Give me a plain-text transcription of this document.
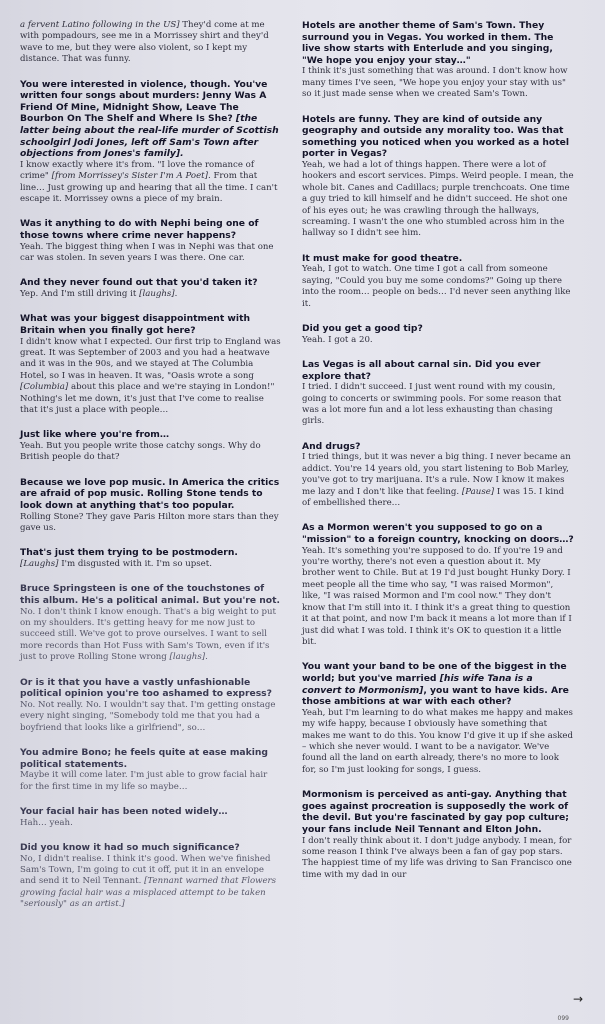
a fervent Latino following in the US] They'd come at me with pompadours, see me in a Morrissey shirt and they'd wave to me, but they were also violent, so I kept my distance. That was funny.

You were interested in violence, though. You've written four songs about murders: Jenny Was A Friend Of Mine, Midnight Show, Leave The Bourbon On The Shelf and Where Is She? [the latter being about the real-life murder of Scottish schoolgirl Jodi Jones, left off Sam's Town after objections from Jones's family].

I know exactly where it's from. "I love the romance of crime" [from Morrissey's Sister I'm A Poet]. From that line… Just growing up and hearing that all the time. I can't escape it. Morrissey owns a piece of my brain.

Was it anything to do with Nephi being one of those towns where crime never happens?

Yeah. The biggest thing when I was in Nephi was that one car was stolen. In seven years I was there. One car.

And they never found out that you'd taken it?

Yep. And I'm still driving it [laughs].

What was your biggest disappointment with Britain when you finally got here?

I didn't know what I expected. Our first trip to England was great. It was September of 2003 and you had a heatwave and it was in the 90s, and we stayed at The Columbia Hotel, so I was in heaven. It was, "Oasis wrote a song [Columbia] about this place and we're staying in London!" Nothing's let me down, it's just that I've come to realise that it's just a place with people…

Just like where you're from…

Yeah. But you people write those catchy songs. Why do British people do that?

Because we love pop music. In America the critics are afraid of pop music. Rolling Stone tends to look down at anything that's too popular.

Rolling Stone? They gave Paris Hilton more stars than they gave us.

That's just them trying to be postmodern.

[Laughs] I'm disgusted with it. I'm so upset.

Bruce Springsteen is one of the touchstones of this album. He's a political animal. But you're not.

No. I don't think I know enough. That's a big weight to put on my shoulders. It's getting heavy for me now just to succeed still. We've got to prove ourselves. I want to sell more records than Hot Fuss with Sam's Town, even if it's just to prove Rolling Stone wrong [laughs].

Or is it that you have a vastly unfashionable political opinion you're too ashamed to express?

No. Not really. No. I wouldn't say that. I'm getting onstage every night singing, "Somebody told me that you had a boyfriend that looks like a girlfriend", so…

You admire Bono; he feels quite at ease making political statements.

Maybe it will come later. I'm just able to grow facial hair for the first time in my life so maybe…

Your facial hair has been noted widely…

Hah… yeah.

Did you know it had so much significance?

No, I didn't realise. I think it's good. When we've finished Sam's Town, I'm going to cut it off, put it in an envelope and send it to Neil Tennant. [Tennant warned that Flowers growing facial hair was a misplaced attempt to be taken "seriously" as an artist.]

Hotels are another theme of Sam's Town. They surround you in Vegas. You worked in them. The live show starts with Enterlude and you singing, "We hope you enjoy your stay…"

I think it's just something that was around. I don't know how many times I've seen, "We hope you enjoy your stay with us" so it just made sense when we created Sam's Town.

Hotels are funny. They are kind of outside any geography and outside any morality too. Was that something you noticed when you worked as a hotel porter in Vegas?

Yeah, we had a lot of things happen. There were a lot of hookers and escort services. Pimps. Weird people. I mean, the whole bit. Canes and Cadillacs; purple trenchcoats. One time a guy tried to kill himself and he didn't succeed. He shot one of his eyes out; he was crawling through the hallways, screaming. I wasn't the one who stumbled across him in the hallway so I didn't see him.

It must make for good theatre.

Yeah, I got to watch. One time I got a call from someone saying, "Could you buy me some condoms?" Going up there into the room… people on beds… I'd never seen anything like it.

Did you get a good tip?

Yeah. I got a 20.

Las Vegas is all about carnal sin. Did you ever explore that?

I tried. I didn't succeed. I just went round with my cousin, going to concerts or swimming pools. For some reason that was a lot more fun and a lot less exhausting than chasing girls.

And drugs?

I tried things, but it was never a big thing. I never became an addict. You're 14 years old, you start listening to Bob Marley, you've got to try marijuana. It's a rule. Now I know it makes me lazy and I don't like that feeling. [Pause] I was 15. I kind of embellished there…

As a Mormon weren't you supposed to go on a "mission" to a foreign country, knocking on doors…?

Yeah. It's something you're supposed to do. If you're 19 and you're worthy, there's not even a question about it. My brother went to Chile. But at 19 I'd just bought Hunky Dory. I meet people all the time who say, "I was raised Mormon", like, "I was raised Mormon and I'm cool now." They don't know that I'm still into it. I think it's a great thing to question it at that point, and now I'm back it means a lot more than if I just did what I was told. I think it's OK to question it a little bit.

You want your band to be one of the biggest in the world; but you've married [his wife Tana is a convert to Mormonism], you want to have kids. Are those ambitions at war with each other?

Yeah, but I'm learning to do what makes me happy and makes my wife happy, because I obviously have something that makes me want to do this. You know I'd give it up if she asked – which she never would. I want to be a navigator. We've found all the land on earth already, there's no more to look for, so I'm just looking for songs, I guess.

Mormonism is perceived as anti-gay. Anything that goes against procreation is supposedly the work of the devil. But you're fascinated by gay pop culture; your fans include Neil Tennant and Elton John.

I don't really think about it. I don't judge anybody. I mean, for some reason I think I've always been a fan of gay pop stars. The happiest time of my life was driving to San Francisco one time with my dad in our

→
099
